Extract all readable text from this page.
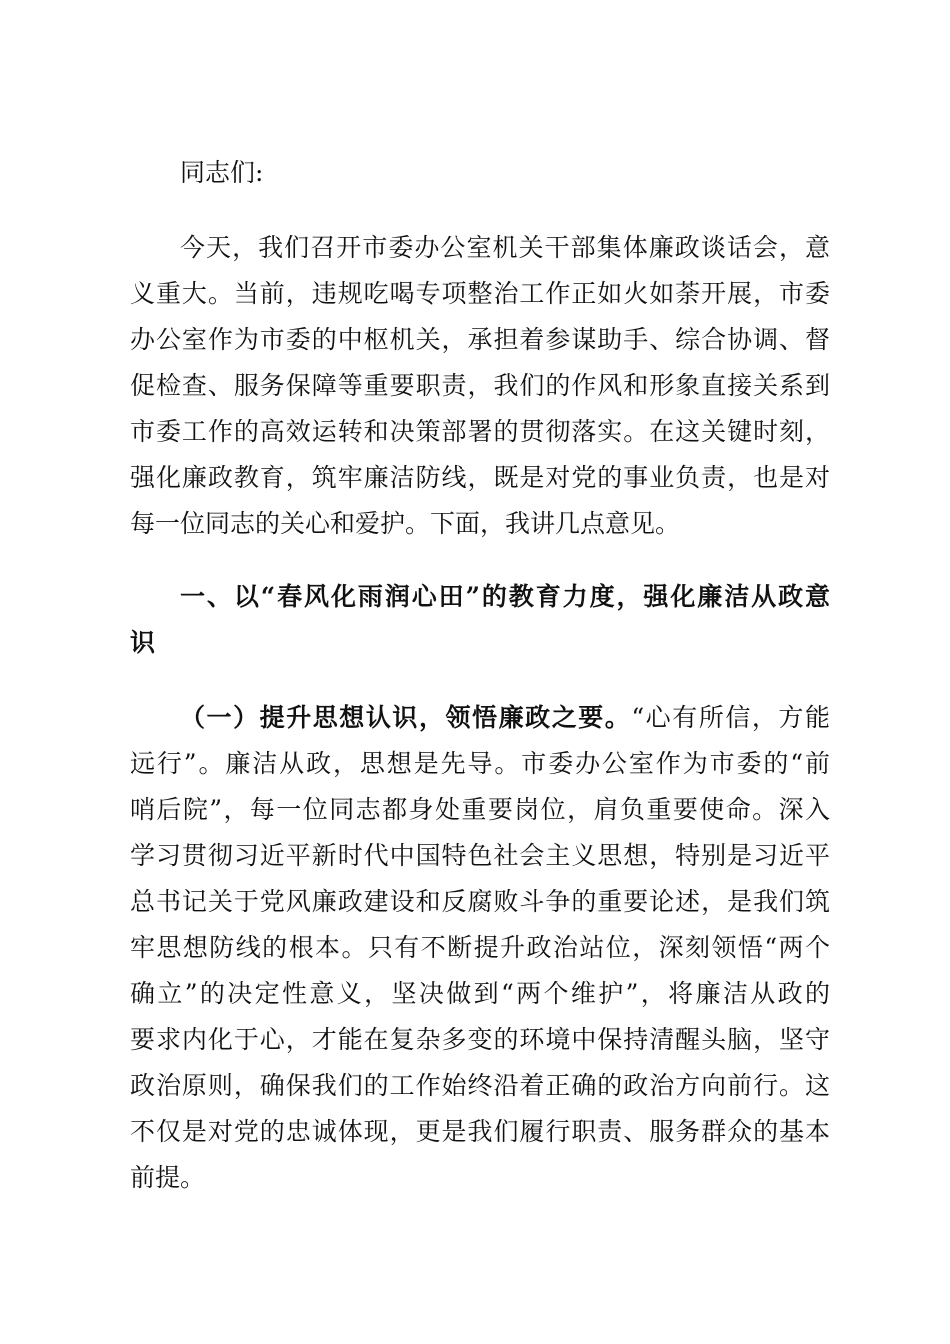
同志们:
今天，我们召开市委办公室机关干部集体廉政谈话会，意
义重大。当前，违规吃喝专项整治工作正如火如荼开展，市委
办公室作为市委的中枢机关，承担着参谋助手、综合协调、督
促检查、服务保障等重要职责，我们的作风和形象直接关系到
市委工作的高效运转和决策部署的贯彻落实。在这关键时刻，
强化廉政教育，筑牢廉洁防线，既是对党的事业负责，也是对
每一位同志的关心和爱护。下面，我讲几点意见。
一、以“春风化雨润心田”的教育力度，强化廉洁从政意
识
（一）提升思想认识，领悟廉政之要。“心有所信，方能
远行”。廉洁从政，思想是先导。市委办公室作为市委的“前
哨后院”，每一位同志都身处重要岗位，肩负重要使命。深入
学习贯彻习近平新时代中国特色社会主义思想，特别是习近平
总书记关于党风廉政建设和反腐败斗争的重要论述，是我们筑
牢思想防线的根本。只有不断提升政治站位，深刻领悟“两个
确立”的决定性意义，坚决做到“两个维护”，将廉洁从政的
要求内化于心，才能在复杂多变的环境中保持清醒头脑，坚守
政治原则，确保我们的工作始终沿着正确的政治方向前行。这
不仅是对党的忠诚体现，更是我们履行职责、服务群众的基本
前提。
